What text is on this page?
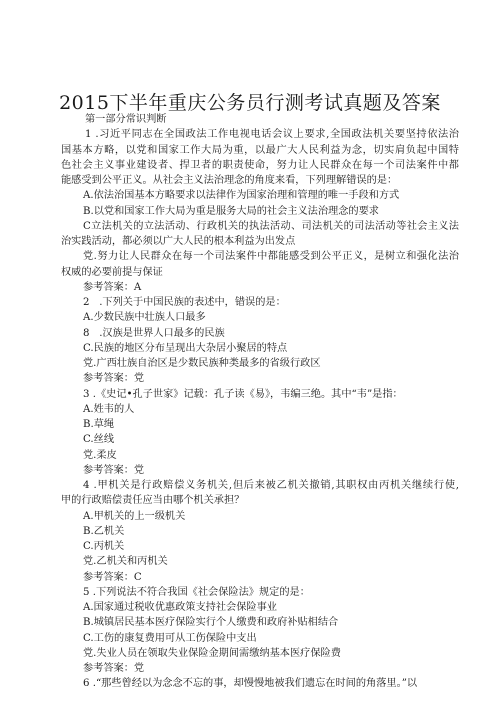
2015下半年重庆公务员行测考试真题及答案
第一部分常识判断
1 .习近平同志在全国政法工作电视电话会议上要求,全国政法机关要坚持依法治
国基本方略，以党和国家工作大局为重，以最广大人民利益为念，切实肩负起中国特
色社会主义事业建设者、捍卫者的职责使命，努力让人民群众在每一个司法案件中都
能感受到公平正义。从社会主义法治理念的角度来看，下列理解错误的是：
A.依法治国基本方略要求以法律作为国家治理和管理的唯一手段和方式
B.以党和国家工作大局为重是服务大局的社会主义法治理念的要求
C立法机关的立法活动、行政机关的执法活动、司法机关的司法活动等社会主义法
治实践活动，都必须以广大人民的根本利益为出发点
党.努力让人民群众在每一个司法案件中都能感受到公平正义，是树立和强化法治
权威的必要前提与保证
参考答案：A
2   .下列关于中国民族的表述中，错误的是：
A.少数民族中壮族人口最多
8   .汉族是世界人口最多的民族
C.民族的地区分布呈现出大杂居小聚居的特点
党.广西壮族自治区是少数民族种类最多的省级行政区
参考答案：党
3 .《史记•孔子世家》记载：孔子读《易》，韦编三绝。其中“韦”是指：
A.姓韦的人
B.草绳
C.丝线
党.柔皮
参考答案：党
4 .甲机关是行政赔偿义务机关,但后来被乙机关撤销,其职权由丙机关继续行使,
甲的行政赔偿责任应当由哪个机关承担？
A.甲机关的上一级机关
B.乙机关
C.丙机关
党.乙机关和丙机关
参考答案：C
5 .下列说法不符合我国《社会保险法》规定的是：
A.国家通过税收优惠政策支持社会保险事业
B.城镇居民基本医疗保险实行个人缴费和政府补贴相结合
C.工伤的康复费用可从工伤保险中支出
党.失业人员在领取失业保险金期间需缴纳基本医疗保险费
参考答案：党
6 .“那些曾经以为念念不忘的事，却慢慢地被我们遗忘在时间的角落里。”以
